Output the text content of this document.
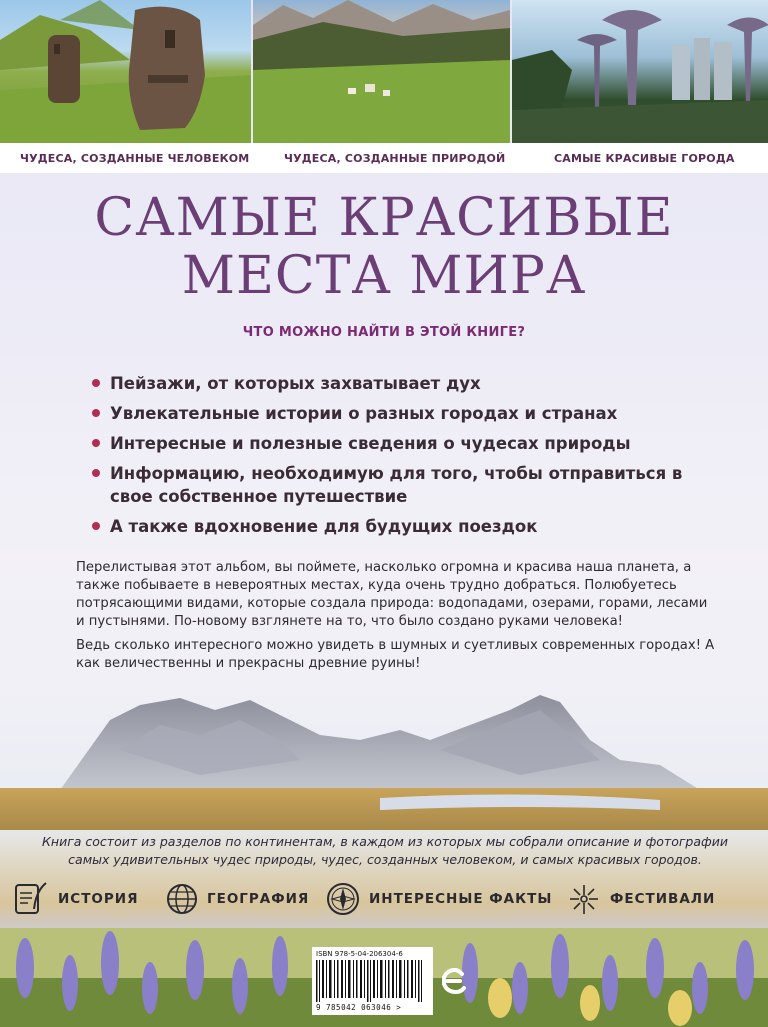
ЧУДЕСА, СОЗДАННЫЕ ЧЕЛОВЕКОМ	ЧУДЕСА, СОЗДАННЫЕ ПРИРОДОЙ	САМЫЕ КРАСИВЫЕ ГОРОДА
САМЫЕ КРАСИВЫЕ
МЕСТА МИРА
ЧТО МОЖНО НАЙТИ В ЭТОЙ КНИГЕ?
Пейзажи, от которых захватывает дух
Увлекательные истории о разных городах и странах
Интересные и полезные сведения о чудесах природы
Информацию, необходимую для того, чтобы отправиться в свое собственное путешествие
А также вдохновение для будущих поездок

Перелистывая этот альбом, вы поймете, насколько огромна и красива наша планета, а также побываете в невероятных местах, куда очень трудно добраться. Полюбуетесь потрясающими видами, которые создала природа: водопадами, озерами, горами, лесами и пустынями. По-новому взглянете на то, что было создано руками человека!

Ведь сколько интересного можно увидеть в шумных и суетливых современных городах! А как величественны и прекрасны древние руины!

Книга состоит из разделов по континентам, в каждом из которых мы собрали описание и фотографии самых удивительных чудес природы, чудес, созданных человеком, и самых красивых городов.

ИСТОРИЯ	ГЕОГРАФИЯ	ИНТЕРЕСНЫЕ ФАКТЫ	ФЕСТИВАЛИ
ISBN 978-5-04-206304-6
9 785042 063046 >
